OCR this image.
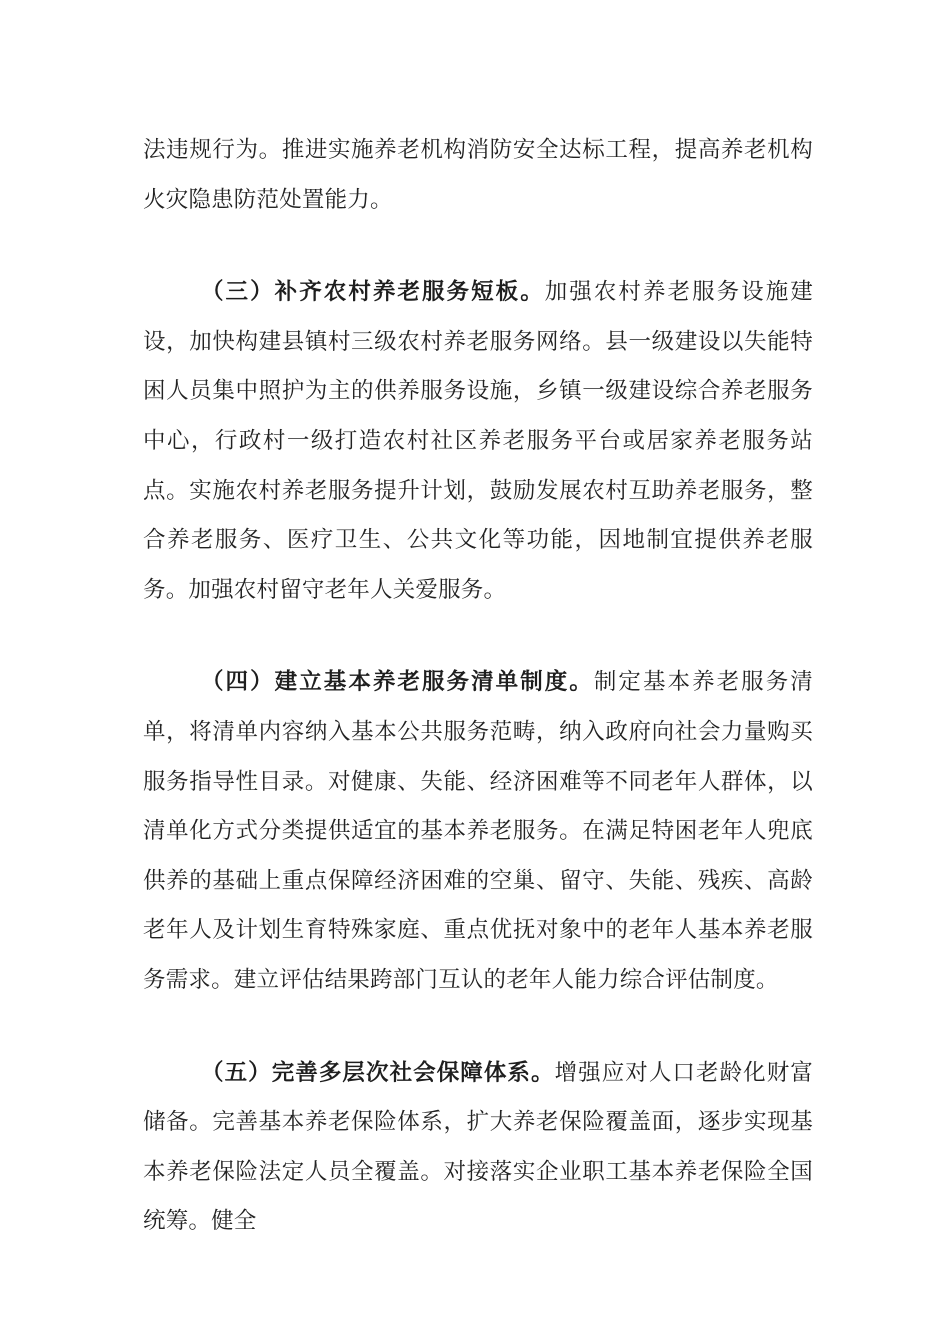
法违规行为。推进实施养老机构消防安全达标工程，提高养老机构火灾隐患防范处置能力。

（三）补齐农村养老服务短板。加强农村养老服务设施建设，加快构建县镇村三级农村养老服务网络。县一级建设以失能特困人员集中照护为主的供养服务设施，乡镇一级建设综合养老服务中心，行政村一级打造农村社区养老服务平台或居家养老服务站点。实施农村养老服务提升计划，鼓励发展农村互助养老服务，整合养老服务、医疗卫生、公共文化等功能，因地制宜提供养老服务。加强农村留守老年人关爱服务。

（四）建立基本养老服务清单制度。制定基本养老服务清单，将清单内容纳入基本公共服务范畴，纳入政府向社会力量购买服务指导性目录。对健康、失能、经济困难等不同老年人群体，以清单化方式分类提供适宜的基本养老服务。在满足特困老年人兜底供养的基础上重点保障经济困难的空巢、留守、失能、残疾、高龄老年人及计划生育特殊家庭、重点优抚对象中的老年人基本养老服务需求。建立评估结果跨部门互认的老年人能力综合评估制度。

（五）完善多层次社会保障体系。增强应对人口老龄化财富储备。完善基本养老保险体系，扩大养老保险覆盖面，逐步实现基本养老保险法定人员全覆盖。对接落实企业职工基本养老保险全国统筹。健全
